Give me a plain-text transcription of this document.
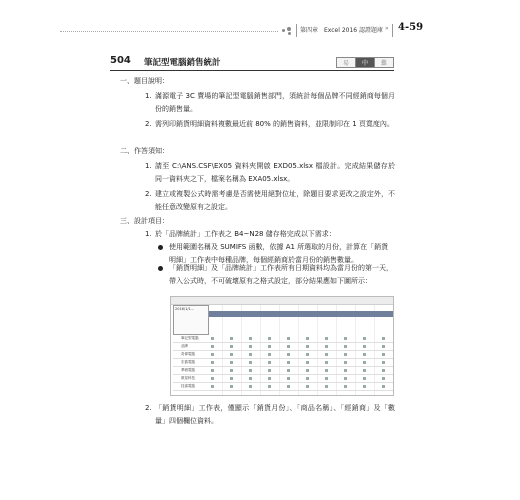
第四章 Excel 2016 認證題庫 » 4-59
504 筆記型電腦銷售統計	易	中	難
一、題目說明：
1. 滿源電子 3C 賣場的筆記型電腦銷售部門，須統計每個品牌不同經銷商每個月份的銷售量。
2. 需列印銷貨明細資料複數最近前 80% 的銷售資料，並限制印在 1 頁寬度內。
二、作答須知：
1. 請至 C:\ANS.CSF\EX05 資料夾開啟 EXD05.xlsx 檔設計。完成結果儲存於同一資料夾之下，檔案名稱為 EXA05.xlsx。
2. 建立或複製公式時需考慮是否需使用絕對位址，除題目要求更改之設定外，不能任意改變原有之設定。
三、設計項目：
1. 於「品牌統計」工作表之 B4~N28 儲存格完成以下需求：
使用範圍名稱及 SUMIFS 函數，依據 A1 所選取的月份，計算在「銷貨明細」工作表中每種品牌，每個經銷商於當月份的銷售數量。
「銷貨明細」及「品牌統計」工作表所有日期資料均為當月份的第一天，帶入公式時，不可破壞原有之格式設定，部分結果應如下圖所示：
2016/1/1…
筆記型電腦
品牌
奇偉電腦
宏碁電腦
華碩電腦
微星科技
技嘉電腦
2. 「銷貨明細」工作表，僅顯示「銷貨月份」、「商品名稱」、「經銷商」及「數量」四個欄位資料。
